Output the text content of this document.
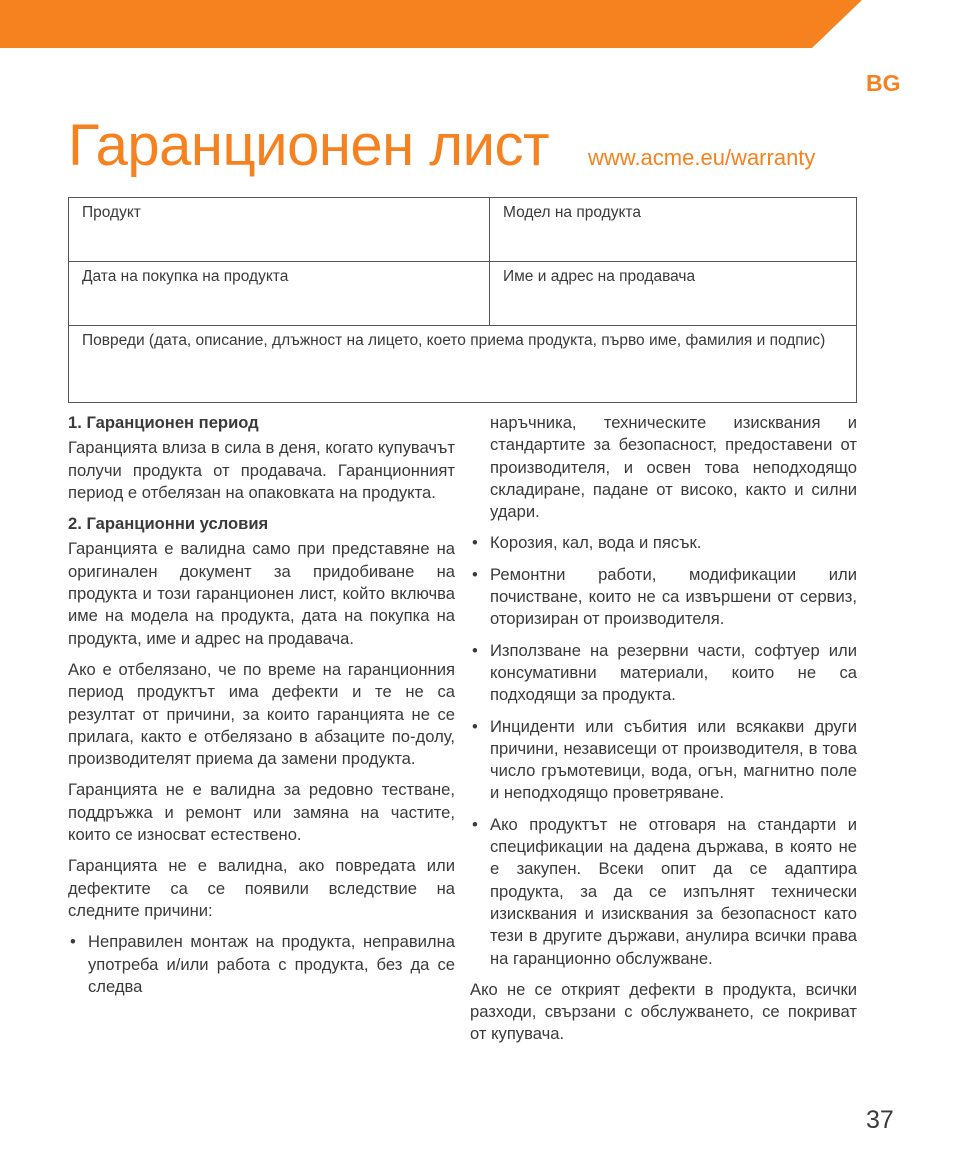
BG
Гаранционен лист www.acme.eu/warranty
Продукт	Модел на продукта
Дата на покупка на продукта	Име и адрес на продавача
Повреди (дата, описание, длъжност на лицето, което приема продукта, първо име, фамилия и подпис)	
1. Гаранционен период

Гаранцията влиза в сила в деня, когато купувачът получи продукта от продавача. Гаранционният период е отбелязан на опаковката на продукта.

2. Гаранционни условия

Гаранцията е валидна само при представяне на оригинален документ за придобиване на продукта и този гаранционен лист, който включва име на модела на продукта, дата на покупка на продукта, име и адрес на продавача.

Ако е отбелязано, че по време на гаранционния период продуктът има дефекти и те не са резултат от причини, за които гаранцията не се прилага, както е отбелязано в абзаците по-долу, производителят приема да замени продукта.

Гаранцията не е валидна за редовно тестване, поддръжка и ремонт или замяна на частите, които се износват естествено.

Гаранцията не е валидна, ако повредата или дефектите са се появили вследствие на следните причини:

• Неправилен монтаж на продукта, неправилна употреба и/или работа с продукта, без да се следва
наръчника, техническите изисквания и стандартите за безопасност, предоставени от производителя, и освен това неподходящо складиране, падане от високо, както и силни удари.
• Корозия, кал, вода и пясък.
• Ремонтни работи, модификации или почистване, които не са извършени от сервиз, оторизиран от производителя.
• Използване на резервни части, софтуер или консумативни материали, които не са подходящи за продукта.
• Инциденти или събития или всякакви други причини, независещи от производителя, в това число гръмотевици, вода, огън, магнитно поле и неподходящо проветряване.
• Ако продуктът не отговаря на стандарти и спецификации на дадена държава, в която не е закупен. Всеки опит да се адаптира продукта, за да се изпълнят технически изисквания и изисквания за безопасност като тези в другите държави, анулира всички права на гаранционно обслужване.

Ако не се открият дефекти в продукта, всички разходи, свързани с обслужването, се покриват от купувача.

37
